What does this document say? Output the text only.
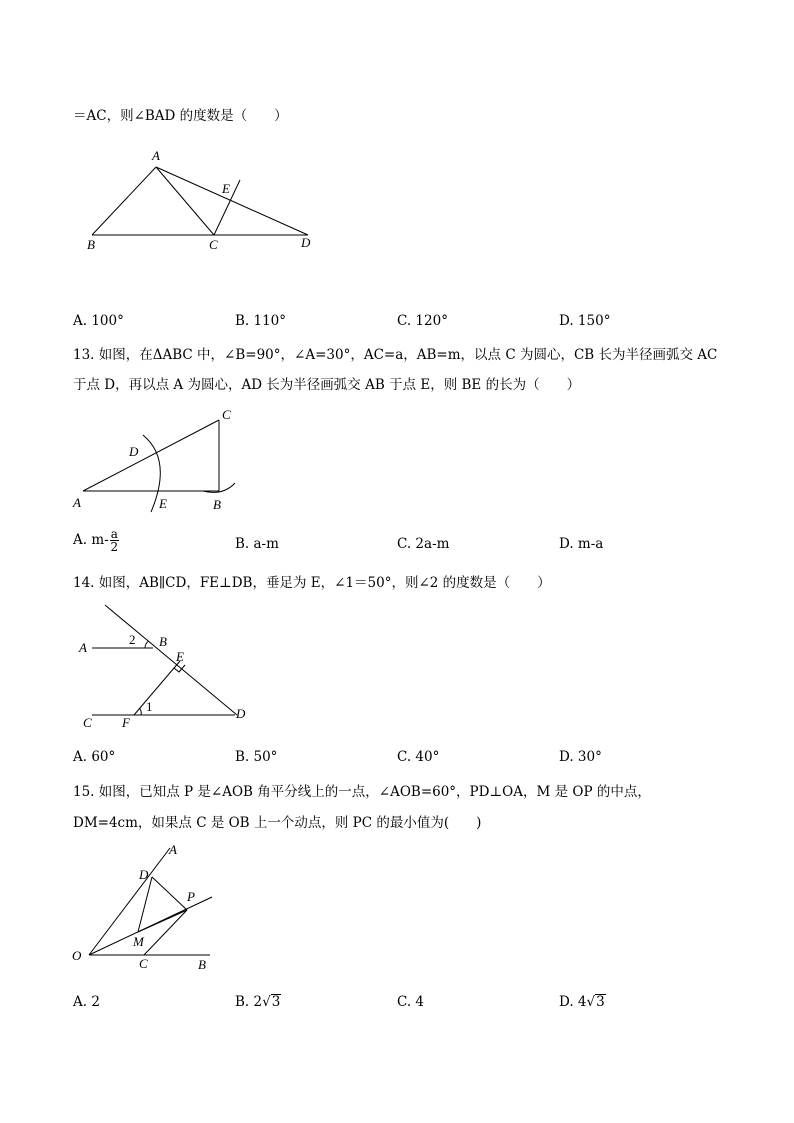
＝AC，则∠BAD 的度数是（　　）
A
B	C	D
E
A. 100°	B. 110°	C. 120°	D. 150°
13. 如图，在ΔABC 中，∠B=90°，∠A=30°，AC=a，AB=m，以点 C 为圆心，CB 长为半径画弧交 AC
于点 D，再以点 A 为圆心，AD 长为半径画弧交 AB 于点 E，则 BE 的长为（　　）
A	B
C
D
E
A. $m- \frac{a}{2}$	B. a-m	C. 2a-m	D. m-a
14. 如图，AB∥CD，FE⊥DB，垂足为 E，∠1＝50°，则∠2 的度数是（　　）
A	B
C
D
E
F
1
2
A. 60°	B. 50°	C. 40°	D. 30°
15. 如图，已知点 P 是∠AOB 角平分线上的一点，∠AOB=60°，PD⊥OA，M 是 OP 的中点，
DM=4cm，如果点 C 是 OB 上一个动点，则 PC 的最小值为(　　)
A
B
C
D
M
O
P
A. 2	B. 2√3	C. 4	D. 4√3
